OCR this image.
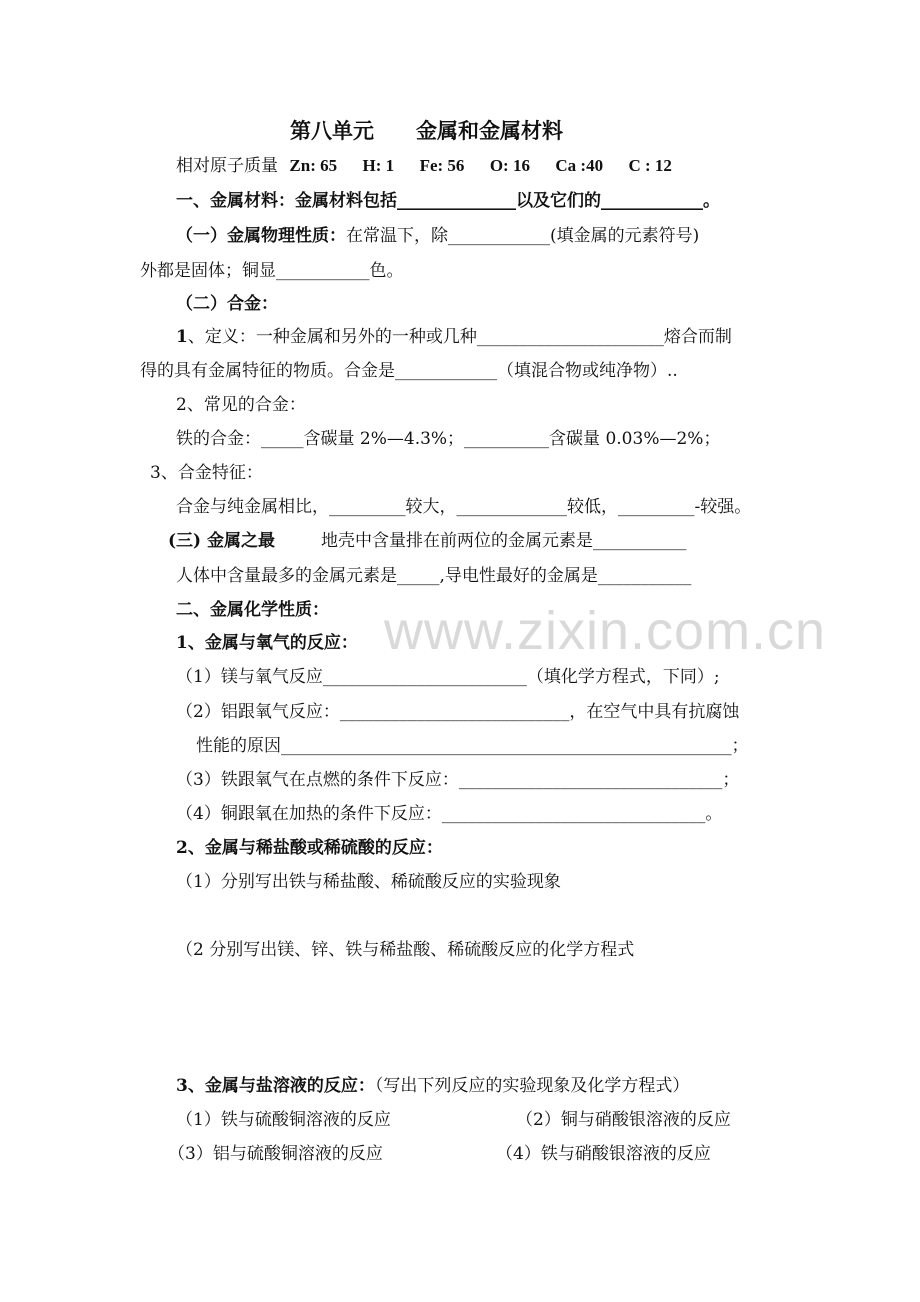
www.zixin.com.cn
第八单元 金属和金属材料
相对原子质量 Zn: 65 H: 1 Fe: 56 O: 16 Ca :40 C : 12
一、金属材料：金属材料包括______________以及它们的____________。
（一）金属物理性质：在常温下，除____________(填金属的元素符号)
外都是固体；铜显___________色。
（二）合金：
1、定义：一种金属和另外的一种或几种______________________熔合而制
得的具有金属特征的物质。合金是____________（填混合物或纯净物）..
2、常见的合金：
铁的合金：_____含碳量 2%—4.3%；__________含碳量 0.03%—2%；
3、合金特征：
合金与纯金属相比，_________较大，_____________较低，_________-较强。
(三) 金属之最	地壳中含量排在前两位的金属元素是___________
人体中含量最多的金属元素是_____,导电性最好的金属是___________
二、金属化学性质：
1、金属与氧气的反应：
（1）镁与氧气反应________________________（填化学方程式，下同）;
（2）铝跟氧气反应：___________________________，在空气中具有抗腐蚀
性能的原因_____________________________________________________；
（3）铁跟氧气在点燃的条件下反应：_______________________________；
（4）铜跟氧在加热的条件下反应：_______________________________。
2、金属与稀盐酸或稀硫酸的反应：
（1）分别写出铁与稀盐酸、稀硫酸反应的实验现象
（2 分别写出镁、锌、铁与稀盐酸、稀硫酸反应的化学方程式
3、金属与盐溶液的反应：（写出下列反应的实验现象及化学方程式）
（1）铁与硫酸铜溶液的反应	（2）铜与硝酸银溶液的反应
（3）铝与硫酸铜溶液的反应	（4）铁与硝酸银溶液的反应
